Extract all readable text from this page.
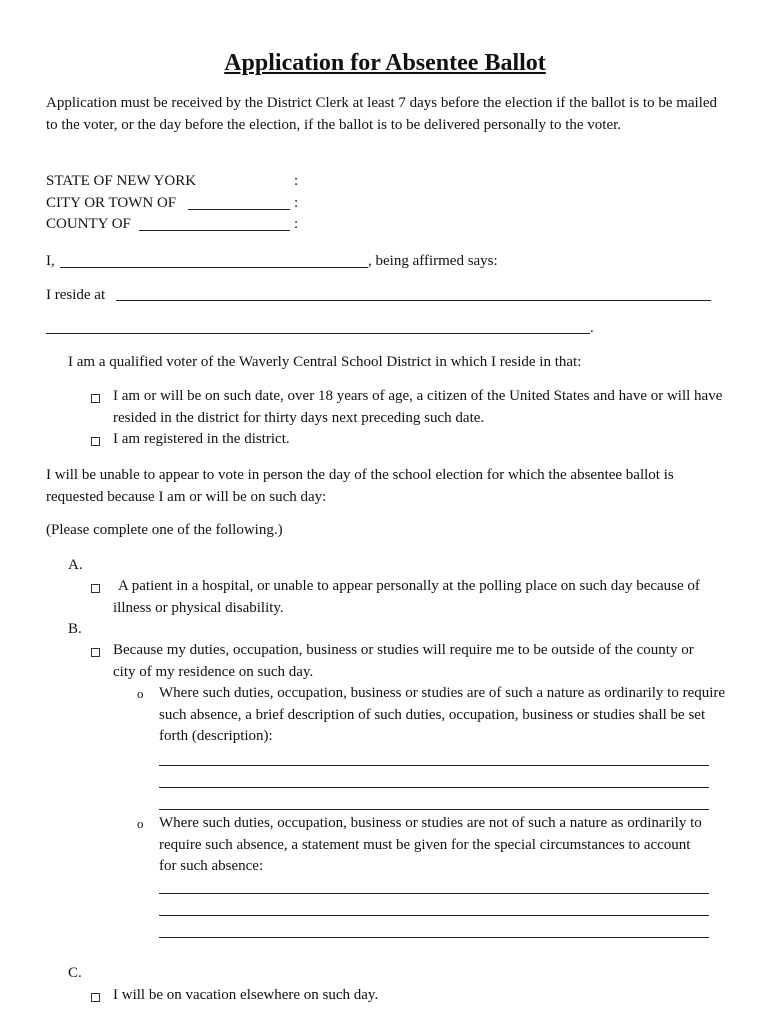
Application for Absentee Ballot
Application must be received by the District Clerk at least 7 days before the election if the ballot is to be mailed to the voter, or the day before the election, if the ballot is to be delivered personally to the voter.
STATE OF NEW YORK	:
CITY OR TOWN OF	:
COUNTY OF	:
I,	, being affirmed says:
I reside at
.
I am a qualified voter of the Waverly Central School District in which I reside in that:
I am or will be on such date, over 18 years of age, a citizen of the United States and have or will have resided in the district for thirty days next preceding such date.
I am registered in the district.
I will be unable to appear to vote in person the day of the school election for which the absentee ballot is requested because I am or will be on such day:
(Please complete one of the following.)
A.
A patient in a hospital, or unable to appear personally at the polling place on such day because of illness or physical disability.
B.
Because my duties, occupation, business or studies will require me to be outside of the county or city of my residence on such day.
o Where such duties, occupation, business or studies are of such a nature as ordinarily to require such absence, a brief description of such duties, occupation, business or studies shall be set forth (description):
o Where such duties, occupation, business or studies are not of such a nature as ordinarily to require such absence, a statement must be given for the special circumstances to account for such absence:
C.
I will be on vacation elsewhere on such day.
